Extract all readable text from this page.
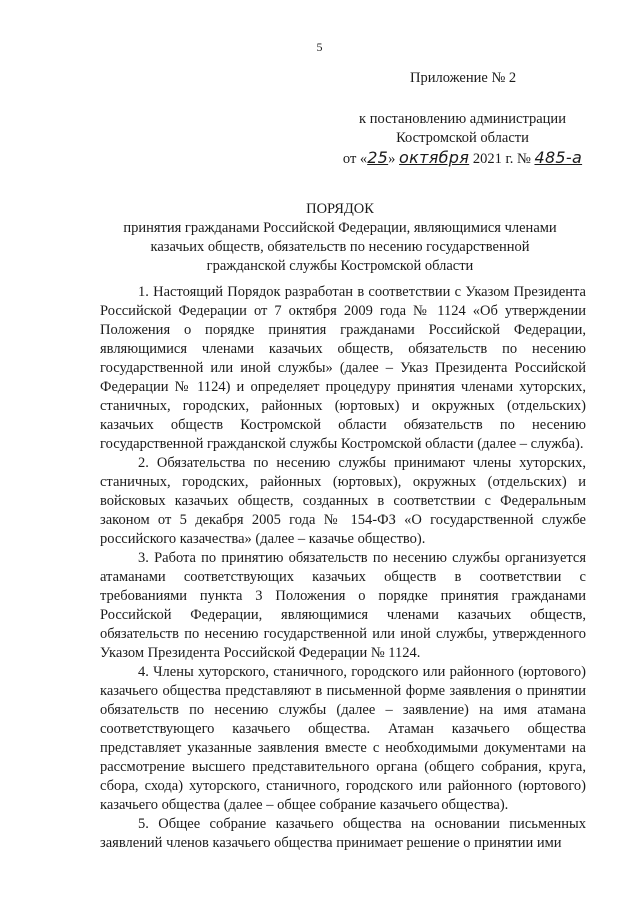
5
Приложение № 2
к постановлению администрации
Костромской области
от «25» октября 2021 г. № 485-а
ПОРЯДОК
принятия гражданами Российской Федерации, являющимися членами
казачьих обществ, обязательств по несению государственной
гражданской службы Костромской области

1. Настоящий Порядок разработан в соответствии с Указом Президента Российской Федерации от 7 октября 2009 года № 1124 «Об утверждении Положения о порядке принятия гражданами Российской Федерации, являющимися членами казачьих обществ, обязательств по несению государственной или иной службы» (далее – Указ Президента Российской Федерации № 1124) и определяет процедуру принятия членами хуторских, станичных, городских, районных (юртовых) и окружных (отдельских) казачьих обществ Костромской области обязательств по несению государственной гражданской службы Костромской области (далее – служба).

2. Обязательства по несению службы принимают члены хуторских, станичных, городских, районных (юртовых), окружных (отдельских) и войсковых казачьих обществ, созданных в соответствии с Федеральным законом от 5 декабря 2005 года № 154-ФЗ «О государственной службе российского казачества» (далее – казачье общество).

3. Работа по принятию обязательств по несению службы организуется атаманами соответствующих казачьих обществ в соответствии с требованиями пункта 3 Положения о порядке принятия гражданами Российской Федерации, являющимися членами казачьих обществ, обязательств по несению государственной или иной службы, утвержденного Указом Президента Российской Федерации № 1124.

4. Члены хуторского, станичного, городского или районного (юртового) казачьего общества представляют в письменной форме заявления о принятии обязательств по несению службы (далее – заявление) на имя атамана соответствующего казачьего общества. Атаман казачьего общества представляет указанные заявления вместе с необходимыми документами на рассмотрение высшего представительного органа (общего собрания, круга, сбора, схода) хуторского, станичного, городского или районного (юртового) казачьего общества (далее – общее собрание казачьего общества).

5. Общее собрание казачьего общества на основании письменных заявлений членов казачьего общества принимает решение о принятии ими
